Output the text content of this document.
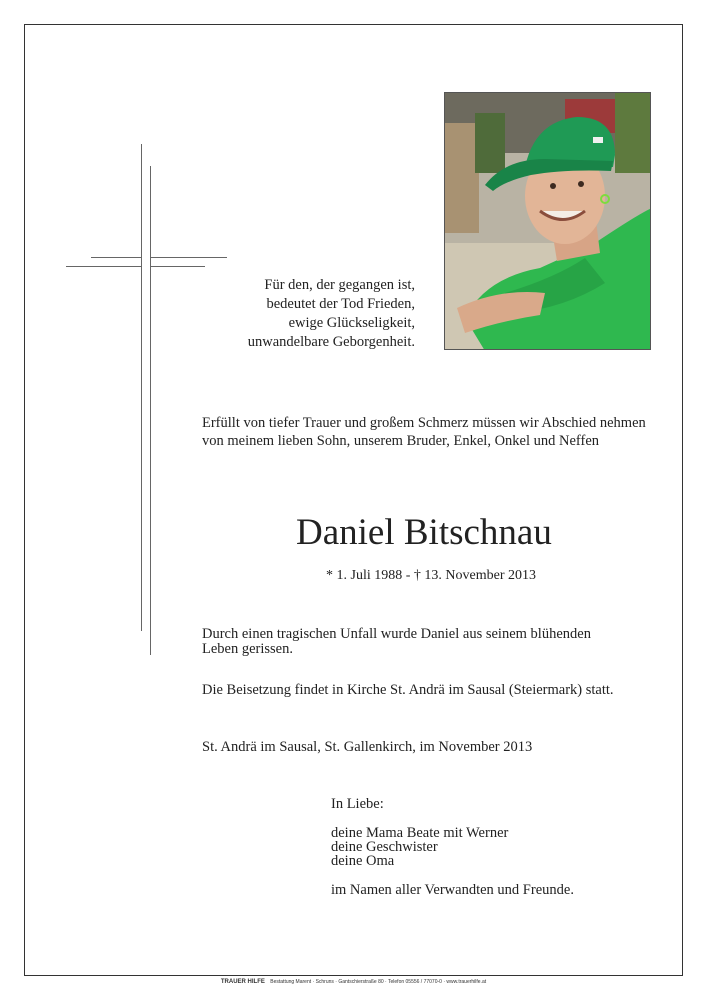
Für den, der gegangen ist,
bedeutet der Tod Frieden,
ewige Glückseligkeit,
unwandelbare Geborgenheit.
Erfüllt von tiefer Trauer und großem Schmerz müssen wir Abschied nehmen
von meinem lieben Sohn, unserem Bruder, Enkel, Onkel und Neffen
Daniel Bitschnau
* 1. Juli 1988 - † 13. November 2013
Durch einen tragischen Unfall wurde Daniel aus seinem blühenden
Leben gerissen.
Die Beisetzung findet in Kirche St. Andrä im Sausal (Steiermark) statt.
St. Andrä im Sausal, St. Gallenkirch, im November 2013
In Liebe:
deine Mama Beate mit Werner
deine Geschwister
deine Oma
im Namen aller Verwandten und Freunde.
TRAUER HILFE Bestattung Marent · Schruns · Gantschierstraße 80 · Telefon 05556 / 77070-0 · www.trauerhilfe.at
